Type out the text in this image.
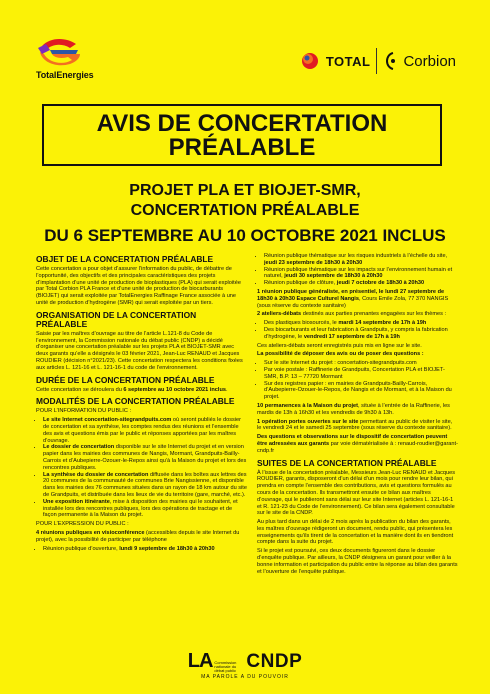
TotalEnergies
TOTAL Corbion
AVIS DE CONCERTATION
PRÉALABLE
PROJET PLA ET BIOJET-SMR,
CONCERTATION PRÉALABLE
DU 6 SEPTEMBRE AU 10 OCTOBRE 2021 INCLUS
OBJET DE LA CONCERTATION PRÉALABLE

Cette concertation a pour objet d’assurer l’information du public, de débattre de l’opportunité, des objectifs et des principales caractéristiques des projets d’implantation d’une unité de production de bioplastiques (PLA) qui serait exploitée par Total Corbion PLA France et d’une unité de production de biocarburants (BIOJET) qui serait exploitée par TotalEnergies Raffinage France associée à une unité de production d’hydrogène (SMR) qui serait exploitée par un tiers.

ORGANISATION DE LA CONCERTATION PRÉALABLE

Saisie par les maîtres d’ouvrage au titre de l’article L.121-8 du Code de l’environnement, la Commission nationale du débat public (CNDP) a décidé d’organiser une concertation préalable sur les projets PLA et BIOJET-SMR avec deux garants qu’elle a désignés le 03 février 2021, Jean-Luc RENAUD et Jacques ROUDIER (décision n°2021/23). Cette concertation respectera les conditions fixées aux articles L. 121-16 et L. 121-16-1 du code de l’environnement.

DURÉE DE LA CONCERTATION PRÉALABLE

Cette concertation se déroulera du 6 septembre au 10 octobre 2021 inclus.

MODALITÉS DE LA CONCERTATION PRÉALABLE

POUR L’INFORMATION DU PUBLIC :

• Le site Internet concertation-sitegrandpuits.com où seront publiés le dossier de concertation et sa synthèse, les comptes rendus des réunions et l’ensemble des avis et questions émis par le public et réponses apportées par les maîtres d’ouvrage.
• Le dossier de concertation disponible sur le site Internet du projet et en version papier dans les mairies des communes de Nangis, Mormant, Grandpuits-Bailly-Carrois et d’Aubepierre-Ozouer-le-Repos ainsi qu’à la Maison du projet et lors des rencontres publiques.
• La synthèse du dossier de concertation diffusée dans les boîtes aux lettres des 20 communes de la communauté de communes Brie Nangissienne, et disponible dans les mairies des 76 communes situées dans un rayon de 18 km autour du site de Grandpuits, et distribuée dans les lieux de vie du territoire (gare, marché, etc.).
• Une exposition itinérante, mise à disposition des mairies qui le souhaitent, et installée lors des rencontres publiques, lors des opérations de tractage et de façon permanente à la Maison du projet.

POUR L’EXPRESSION DU PUBLIC :

4 réunions publiques en visioconférence (accessibles depuis le site Internet du projet), avec la possibilité de participer par téléphone

• Réunion publique d’ouverture, lundi 9 septembre de 18h30 à 20h30
• Réunion publique thématique sur les risques industriels à l’échelle du site, jeudi 23 septembre de 18h30 à 20h30
• Réunion publique thématique sur les impacts sur l’environnement humain et naturel, jeudi 30 septembre de 18h30 à 20h30
• Réunion publique de clôture, jeudi 7 octobre de 18h30 à 20h30

1 réunion publique généraliste, en présentiel, le lundi 27 septembre de 18h30 à 20h30 Espace Culturel Nangis, Cours Emile Zola, 77 370 NANGIS (sous réserve du contexte sanitaire)

2 ateliers-débats destinés aux parties prenantes engagées sur les thèmes :

• Des plastiques biosourcés, le mardi 14 septembre de 17h à 19h
• Des biocarburants et leur fabrication à Grandpuits, y compris la fabrication d’hydrogène, le vendredi 17 septembre de 17h à 19h

Ces ateliers-débats seront enregistrés puis mis en ligne sur le site.

La possibilité de déposer des avis ou de poser des questions :

• Sur le site Internet du projet : concertation-sitegrandpuits.com
• Par voie postale : Raffinerie de Grandpuits, Concertation PLA et BIOJET-SMR, B.P. 13 – 77720 Mormant
• Sur des registres papier : en mairies de Grandpuits-Bailly-Carrois, d’Aubepierre-Ozouer-le-Repos, de Nangis et de Mormant, et à la Maison du projet.

10 permanences à la Maison du projet, située à l’entrée de la Raffinerie, les mardis de 13h à 16h30 et les vendredis de 9h30 à 13h.

1 opération portes ouvertes sur le site permettant au public de visiter le site, le vendredi 24 et le samedi 25 septembre (sous réserve du contexte sanitaire).

Des questions et observations sur le dispositif de concertation peuvent être adressées aux garants par voie dématérialisée à : renaud-roudier@garant-cndp.fr

SUITES DE LA CONCERTATION PRÉALABLE

À l’issue de la concertation préalable, Messieurs Jean-Luc RENAUD et Jacques ROUDIER, garants, disposeront d’un délai d’un mois pour rendre leur bilan, qui prendra en compte l’ensemble des contributions, avis et questions formulés au cours de la concertation. Ils transmettront ensuite ce bilan aux maîtres d’ouvrage, qui le publieront sans délai sur leur site Internet (articles L. 121-16-1 et R. 121-23 du Code de l’environnement). Ce bilan sera également consultable sur le site de la CNDP.

Au plus tard dans un délai de 2 mois après la publication du bilan des garants, les maîtres d’ouvrage rédigeront un document, rendu public, qui présentera les enseignements qu’ils tirent de la concertation et la manière dont ils en tiendront compte dans la suite du projet.

Si le projet est poursuivi, ces deux documents figureront dans le dossier d’enquête publique. Par ailleurs, la CNDP désignera un garant pour veiller à la bonne information et participation du public entre la réponse au bilan des garants et l’ouverture de l’enquête publique.

LA Commission
nationale du
débat public CNDP
MA PAROLE A DU POUVOIR
